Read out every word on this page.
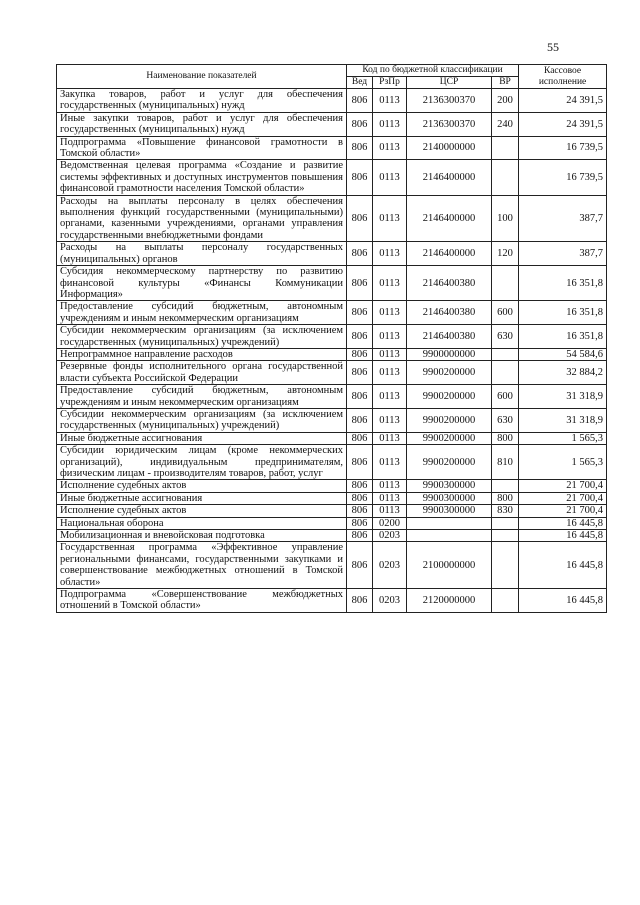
55
Наименование показателей	Код по бюджетной классификации				Кассовое исполнение
	Вед	РзПр	ЦСР	ВР	
Закупка товаров, работ и услуг для обеспечения государственных (муниципальных) нужд	806	0113	2136300370	200	24 391,5
Иные закупки товаров, работ и услуг для обеспечения государственных (муниципальных) нужд	806	0113	2136300370	240	24 391,5
Подпрограмма «Повышение финансовой грамотности в Томской области»	806	0113	2140000000		16 739,5
Ведомственная целевая программа «Создание и развитие системы эффективных и доступных инструментов повышения финансовой грамотности населения Томской области»	806	0113	2146400000		16 739,5
Расходы на выплаты персоналу в целях обеспечения выполнения функций государственными (муниципальными) органами, казенными учреждениями, органами управления государственными внебюджетными фондами	806	0113	2146400000	100	387,7
Расходы на выплаты персоналу государственных (муниципальных) органов	806	0113	2146400000	120	387,7
Субсидия некоммерческому партнерству по развитию финансовой культуры «Финансы Коммуникации Информация»	806	0113	2146400380		16 351,8
Предоставление субсидий бюджетным, автономным учреждениям и иным некоммерческим организациям	806	0113	2146400380	600	16 351,8
Субсидии некоммерческим организациям (за исключением государственных (муниципальных) учреждений)	806	0113	2146400380	630	16 351,8
Непрограммное направление расходов	806	0113	9900000000		54 584,6
Резервные фонды исполнительного органа государственной власти субъекта Российской Федерации	806	0113	9900200000		32 884,2
Предоставление субсидий бюджетным, автономным учреждениям и иным некоммерческим организациям	806	0113	9900200000	600	31 318,9
Субсидии некоммерческим организациям (за исключением государственных (муниципальных) учреждений)	806	0113	9900200000	630	31 318,9
Иные бюджетные ассигнования	806	0113	9900200000	800	1 565,3
Субсидии юридическим лицам (кроме некоммерческих организаций), индивидуальным предпринимателям, физическим лицам - производителям товаров, работ, услуг	806	0113	9900200000	810	1 565,3
Исполнение судебных актов	806	0113	9900300000		21 700,4
Иные бюджетные ассигнования	806	0113	9900300000	800	21 700,4
Исполнение судебных актов	806	0113	9900300000	830	21 700,4
Национальная оборона	806	0200			16 445,8
Мобилизационная и вневойсковая подготовка	806	0203			16 445,8
Государственная программа «Эффективное управление региональными финансами, государственными закупками и совершенствование межбюджетных отношений в Томской области»	806	0203	2100000000		16 445,8
Подпрограмма «Совершенствование межбюджетных отношений в Томской области»	806	0203	2120000000		16 445,8
